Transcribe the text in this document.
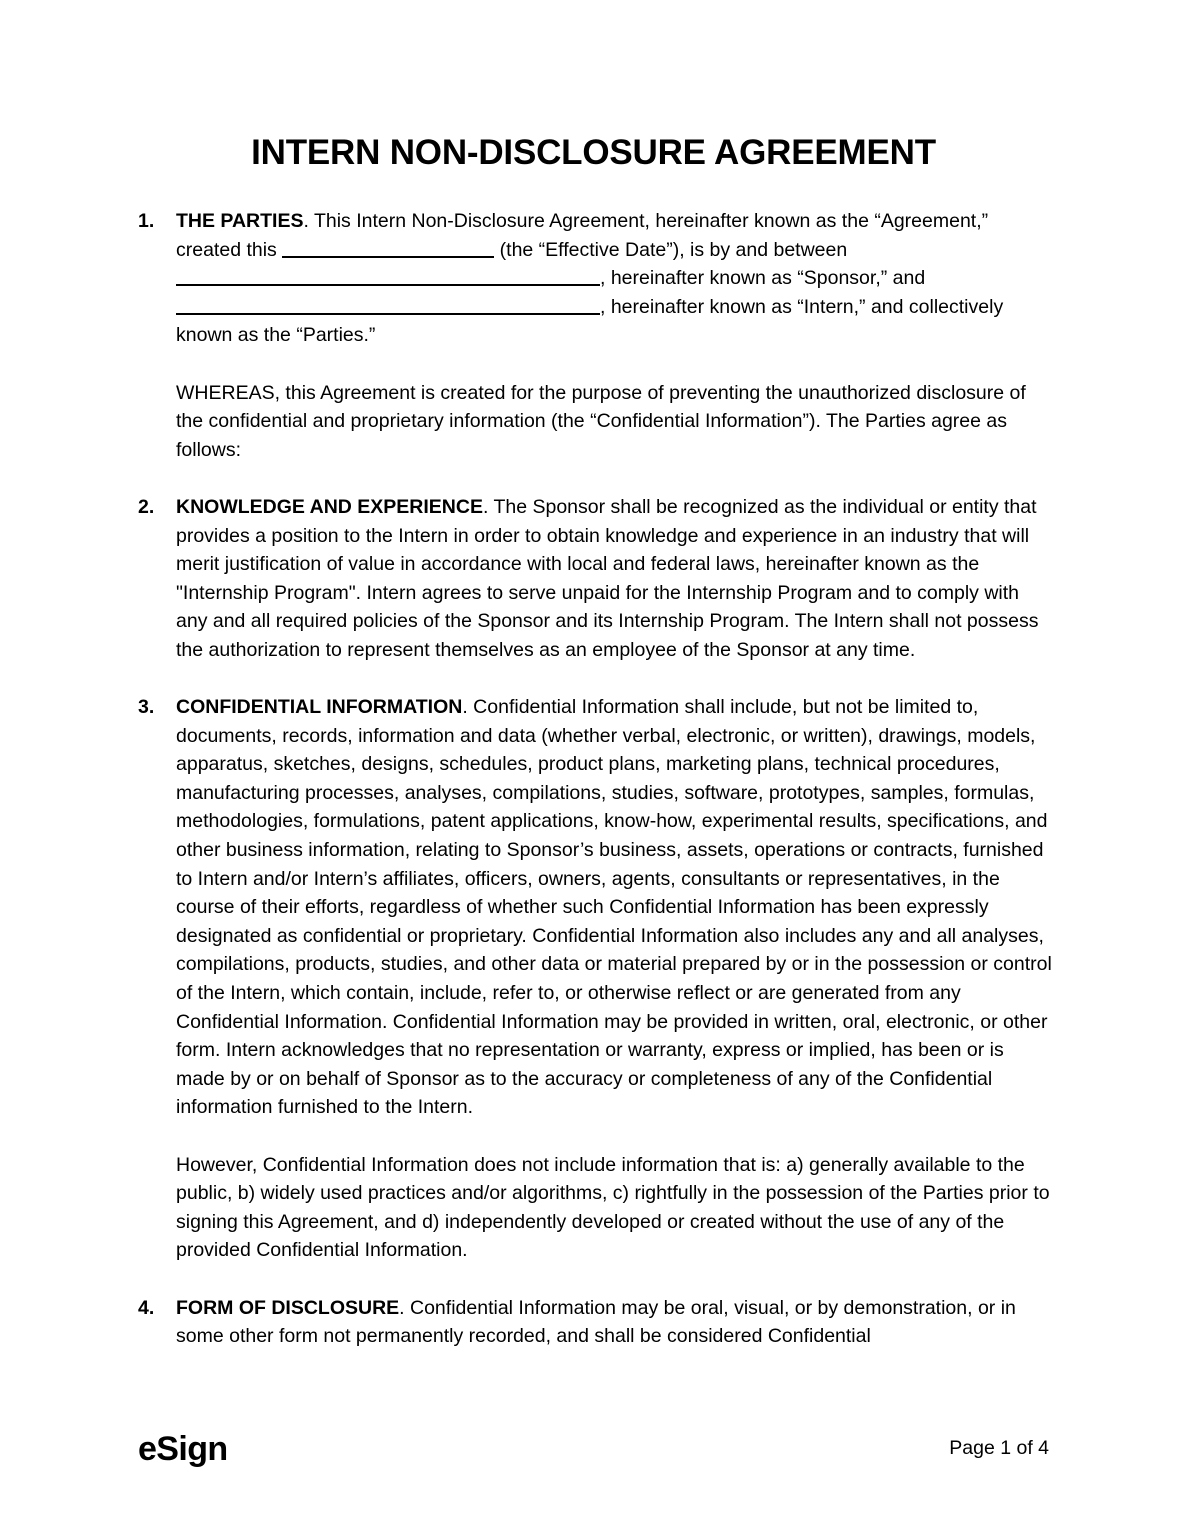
INTERN NON-DISCLOSURE AGREEMENT
1. THE PARTIES. This Intern Non-Disclosure Agreement, hereinafter known as the “Agreement,” created this	(the “Effective Date”), is by and between , hereinafter known as “Sponsor,” and , hereinafter known as “Intern,” and collectively known as the “Parties.”

WHEREAS, this Agreement is created for the purpose of preventing the unauthorized disclosure of the confidential and proprietary information (the “Confidential Information”). The Parties agree as follows:

2. KNOWLEDGE AND EXPERIENCE. The Sponsor shall be recognized as the individual or entity that provides a position to the Intern in order to obtain knowledge and experience in an industry that will merit justification of value in accordance with local and federal laws, hereinafter known as the "Internship Program". Intern agrees to serve unpaid for the Internship Program and to comply with any and all required policies of the Sponsor and its Internship Program. The Intern shall not possess the authorization to represent themselves as an employee of the Sponsor at any time.

3. CONFIDENTIAL INFORMATION. Confidential Information shall include, but not be limited to, documents, records, information and data (whether verbal, electronic, or written), drawings, models, apparatus, sketches, designs, schedules, product plans, marketing plans, technical procedures, manufacturing processes, analyses, compilations, studies, software, prototypes, samples, formulas, methodologies, formulations, patent applications, know-how, experimental results, specifications, and other business information, relating to Sponsor’s business, assets, operations or contracts, furnished to Intern and/or Intern’s affiliates, officers, owners, agents, consultants or representatives, in the course of their efforts, regardless of whether such Confidential Information has been expressly designated as confidential or proprietary. Confidential Information also includes any and all analyses, compilations, products, studies, and other data or material prepared by or in the possession or control of the Intern, which contain, include, refer to, or otherwise reflect or are generated from any Confidential Information. Confidential Information may be provided in written, oral, electronic, or other form. Intern acknowledges that no representation or warranty, express or implied, has been or is made by or on behalf of Sponsor as to the accuracy or completeness of any of the Confidential information furnished to the Intern.

However, Confidential Information does not include information that is: a) generally available to the public, b) widely used practices and/or algorithms, c) rightfully in the possession of the Parties prior to signing this Agreement, and d) independently developed or created without the use of any of the provided Confidential Information.

4. FORM OF DISCLOSURE. Confidential Information may be oral, visual, or by demonstration, or in some other form not permanently recorded, and shall be considered Confidential

eSign	Page 1 of 4
